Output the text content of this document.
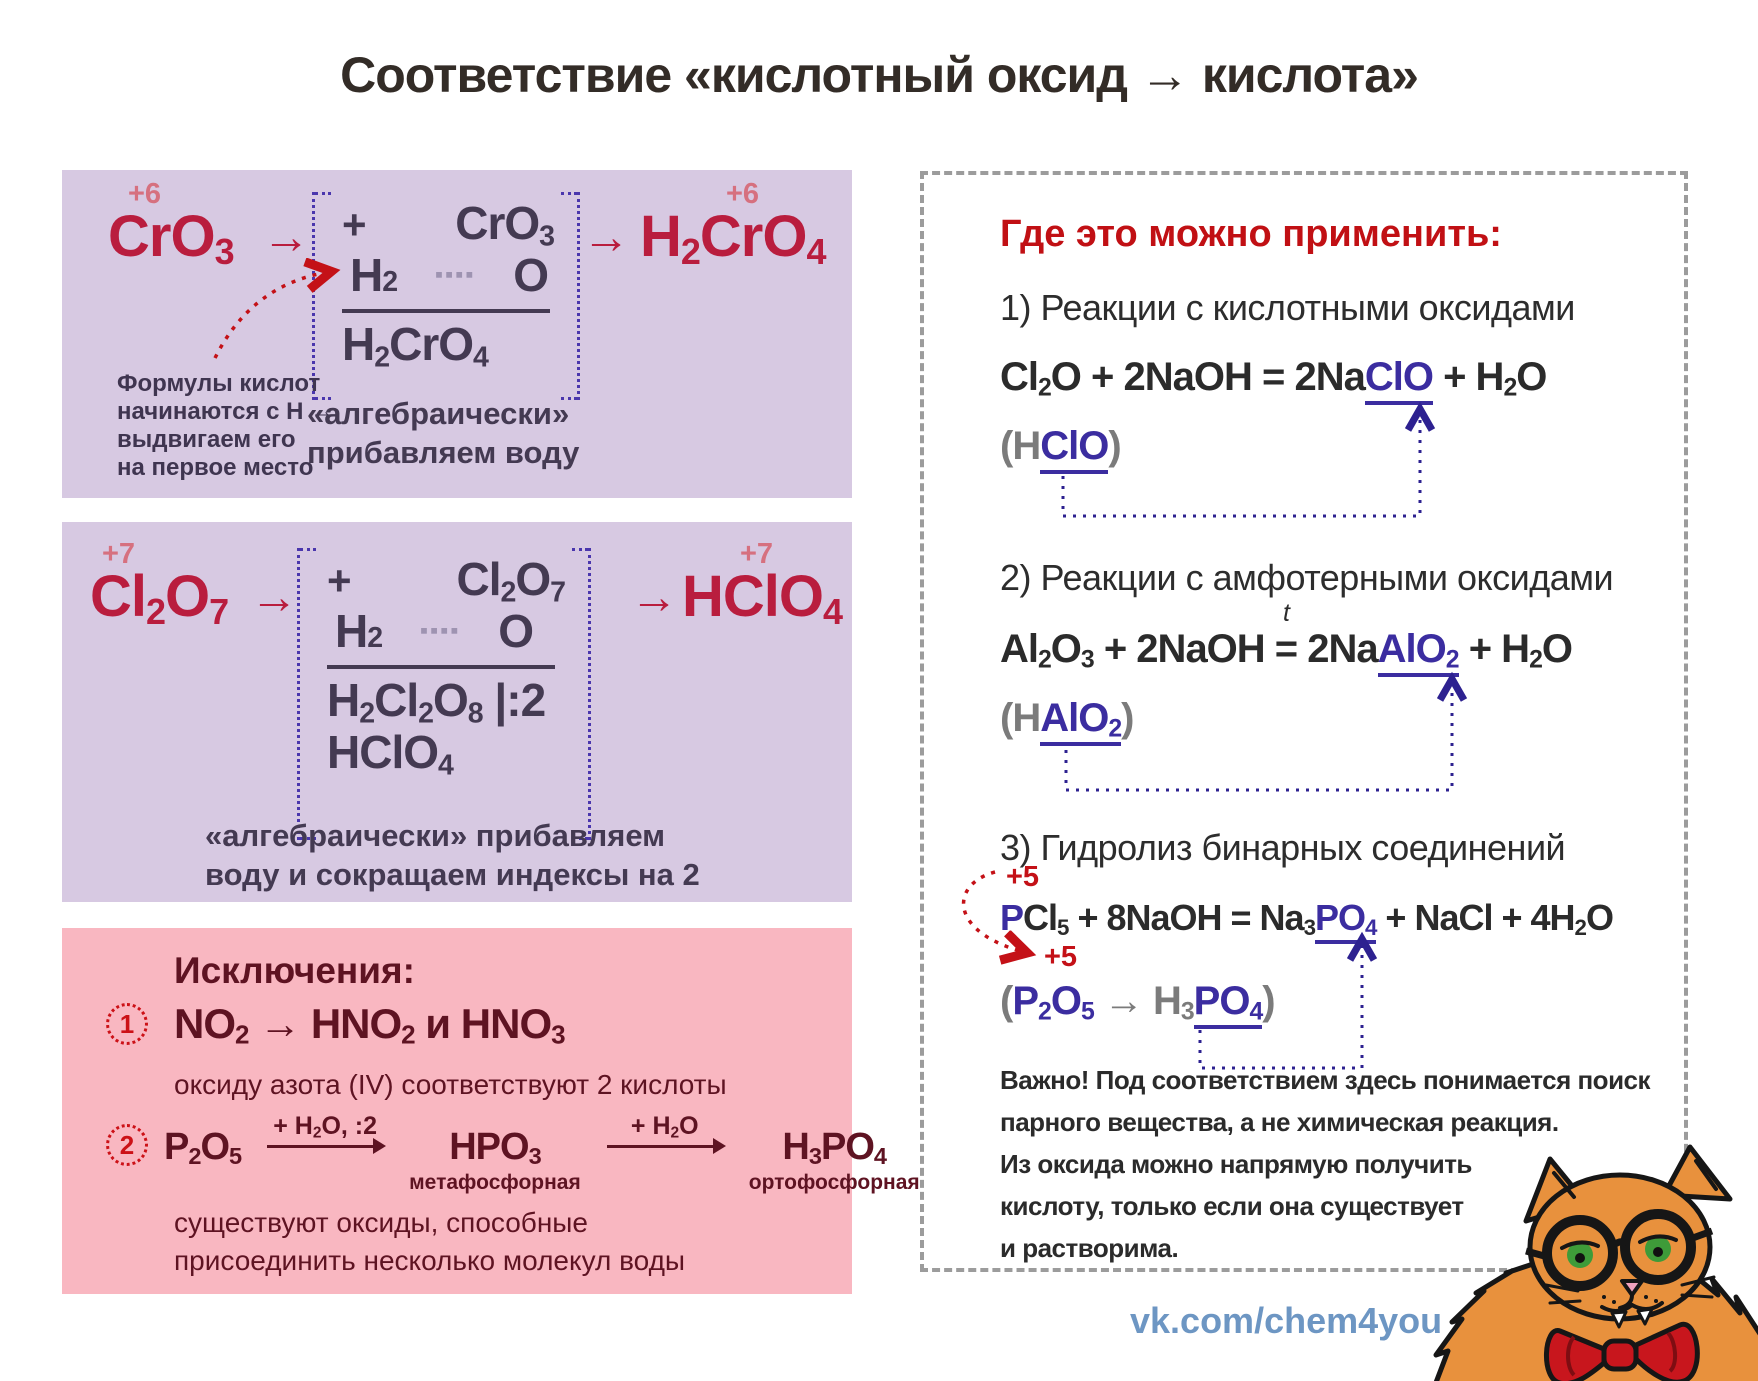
Соответствие «кислотный оксид → кислота»
+6
CrO$_3$ → + CrO$_3$
H 2	▪▪▪▪ O
$H_2CrO_4$
→
+6
$H_2CrO_4$
Формулы кислот
начинаются с H →
выдвигаем его
на первое место
«алгебраически»
прибавляем воду
+7
$Cl_2O_7$ → + $Cl_2O_7$
H 2	▪▪▪▪ O
$H_2Cl_2O_8$ |:2
HClO$_4$
→
+7
HClO$_4$
«алгебраически» прибавляем
воду и сокращаем индексы на 2
Исключения:
1 $NO_2 \to HNO_2$ и $HNO_3$
оксиду азота (IV) соответствуют 2 кислоты
2 $P_2O_5$
+ $H_2O$, :2 $HPO_3$
метафосфорная
+ $H_2O$ $H_3PO_4$
ортофосфорная
существуют оксиды, способные
присоединить несколько молекул воды
Где это можно применить:
1) Реакции с кислотными оксидами
$Cl_2O$ + 2NaOH = 2NaClO + $H_2O$
(HClO)
2) Реакции с амфотерными оксидами
$Al_2O_3$ + 2NaOH =
t
2NaAlO$_2$ + $H_2O$
(HAlO$_2$)
3) Гидролиз бинарных соединений
+5
PCl$_5$ + 8NaOH = $Na_3PO_4$ + NaCl + $4H_2O$
+5
$(P_2O_5 \to H_3PO_4)$
Важно! Под соответствием здесь понимается поиск
парного вещества, а не химическая реакция.
Из оксида можно напрямую получить
кислоту, только если она существует
и растворима.
vk.com/chem4you
